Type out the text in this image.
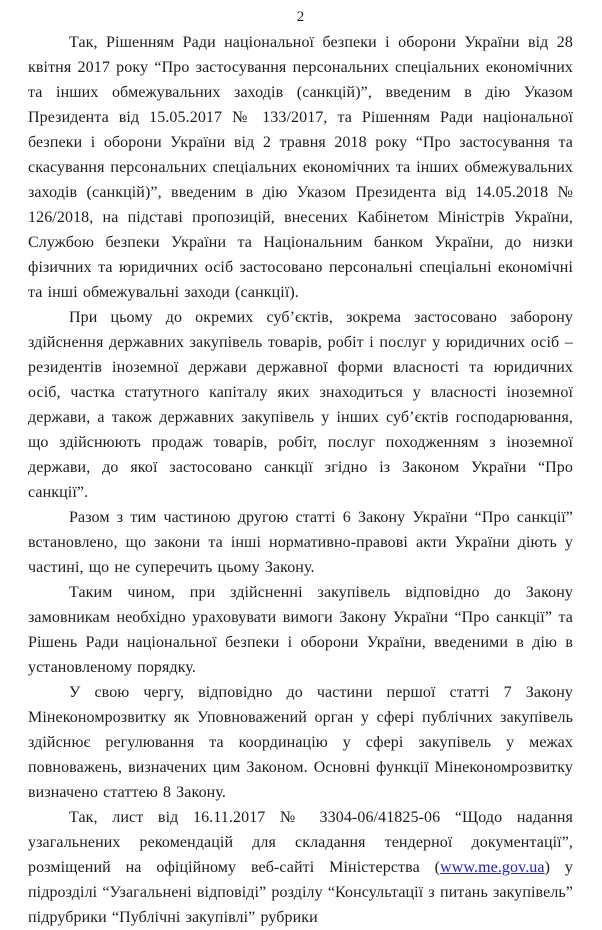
2

Так, Рішенням Ради національної безпеки і оборони України від 28 квітня 2017 року “Про застосування персональних спеціальних економічних та інших обмежувальних заходів (санкцій)”, введеним в дію Указом Президента від 15.05.2017 № 133/2017, та Рішенням Ради національної безпеки і оборони України від 2 травня 2018 року “Про застосування та скасування персональних спеціальних економічних та інших обмежувальних заходів (санкцій)”, введеним в дію Указом Президента від 14.05.2018 № 126/2018, на підставі пропозицій, внесених Кабінетом Міністрів України, Службою безпеки України та Національним банком України, до низки фізичних та юридичних осіб застосовано персональні спеціальні економічні та інші обмежувальні заходи (санкції).

При цьому до окремих суб’єктів, зокрема застосовано заборону здійснення державних закупівель товарів, робіт і послуг у юридичних осіб – резидентів іноземної держави державної форми власності та юридичних осіб, частка статутного капіталу яких знаходиться у власності іноземної держави, а також державних закупівель у інших суб’єктів господарювання, що здійснюють продаж товарів, робіт, послуг походженням з іноземної держави, до якої застосовано санкції згідно із Законом України “Про санкції”.

Разом з тим частиною другою статті 6 Закону України “Про санкції” встановлено, що закони та інші нормативно-правові акти України діють у частині, що не суперечить цьому Закону.

Таким чином, при здійсненні закупівель відповідно до Закону замовникам необхідно ураховувати вимоги Закону України “Про санкції” та Рішень Ради національної безпеки і оборони України, введеними в дію в установленому порядку.

У свою чергу, відповідно до частини першої статті 7 Закону Мінекономрозвитку як Уповноважений орган у сфері публічних закупівель здійснює регулювання та координацію у сфері закупівель у межах повноважень, визначених цим Законом. Основні функції Мінекономрозвитку визначено статтею 8 Закону.

Так, лист від 16.11.2017 № 3304-06/41825-06 “Щодо надання узагальнених рекомендацій для складання тендерної документації”, розміщений на офіційному веб-сайті Міністерства (www.me.gov.ua) у підрозділі “Узагальнені відповіді” розділу “Консультації з питань закупівель” підрубрики “Публічні закупівлі” рубрики
